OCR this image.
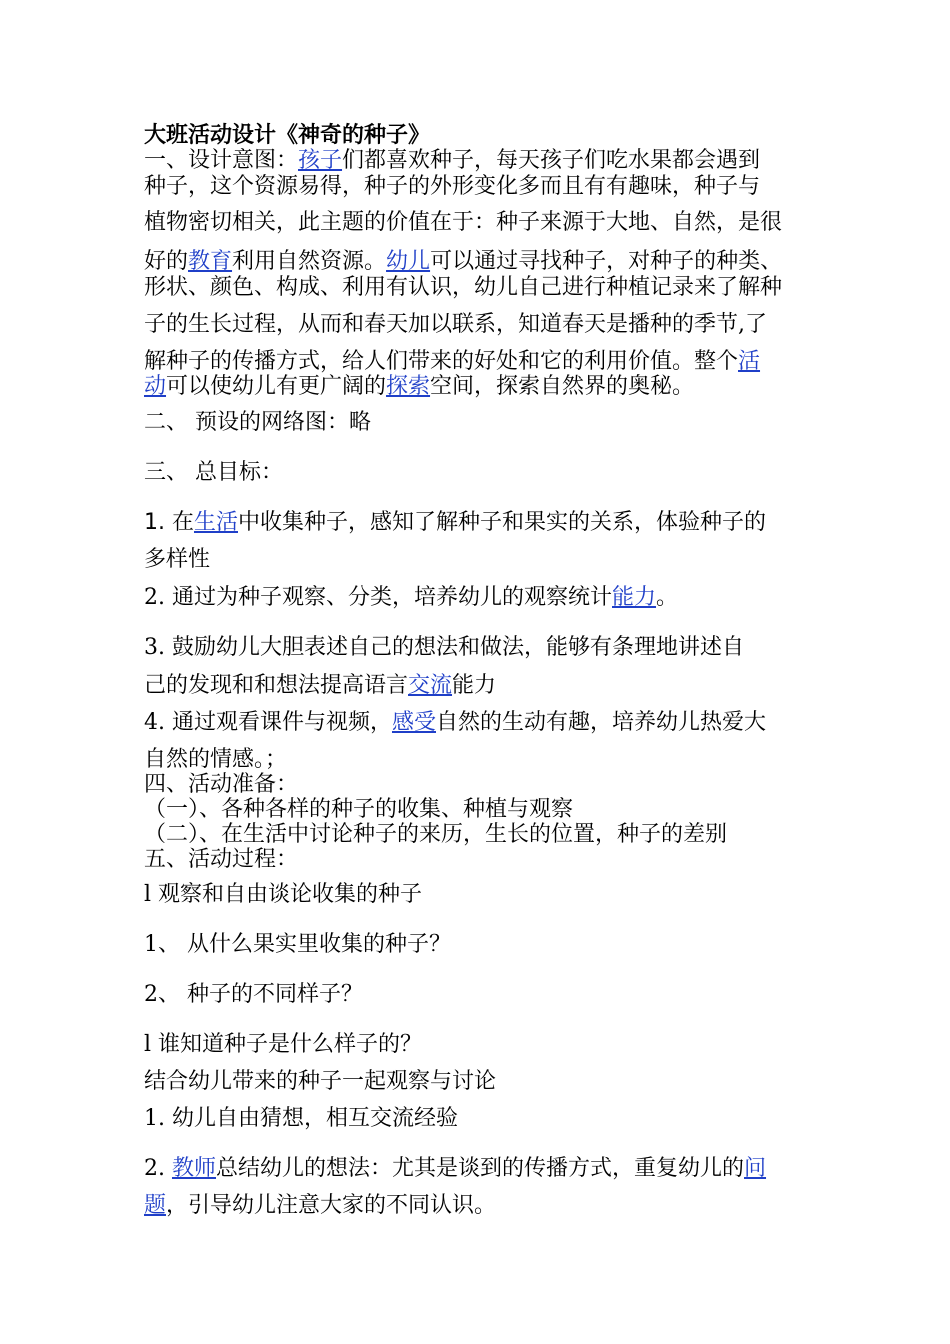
大班活动设计《神奇的种子》
一、设计意图：孩子们都喜欢种子，每天孩子们吃水果都会遇到
种子，这个资源易得，种子的外形变化多而且有有趣味，种子与
植物密切相关，此主题的价值在于：种子来源于大地、自然，是很
好的教育利用自然资源。幼儿可以通过寻找种子，对种子的种类、
形状、颜色、构成、利用有认识，幼儿自己进行种植记录来了解种
子的生长过程，从而和春天加以联系，知道春天是播种的季节,了
解种子的传播方式，给人们带来的好处和它的利用价值。整个活
动可以使幼儿有更广阔的探索空间，探索自然界的奥秘。
二、 预设的网络图：略
三、 总目标：
1. 在生活中收集种子，感知了解种子和果实的关系，体验种子的
多样性
2. 通过为种子观察、分类，培养幼儿的观察统计能力。
3. 鼓励幼儿大胆表述自己的想法和做法，能够有条理地讲述自
己的发现和和想法提高语言交流能力
4. 通过观看课件与视频，感受自然的生动有趣，培养幼儿热爱大
自然的情感。；
四、活动准备：
（一）、各种各样的种子的收集、种植与观察
（二）、在生活中讨论种子的来历，生长的位置，种子的差别
五、活动过程：
l 观察和自由谈论收集的种子
1、 从什么果实里收集的种子？
2、 种子的不同样子？
l 谁知道种子是什么样子的？
结合幼儿带来的种子一起观察与讨论
1. 幼儿自由猜想，相互交流经验
2. 教师总结幼儿的想法：尤其是谈到的传播方式，重复幼儿的问
题，引导幼儿注意大家的不同认识。
